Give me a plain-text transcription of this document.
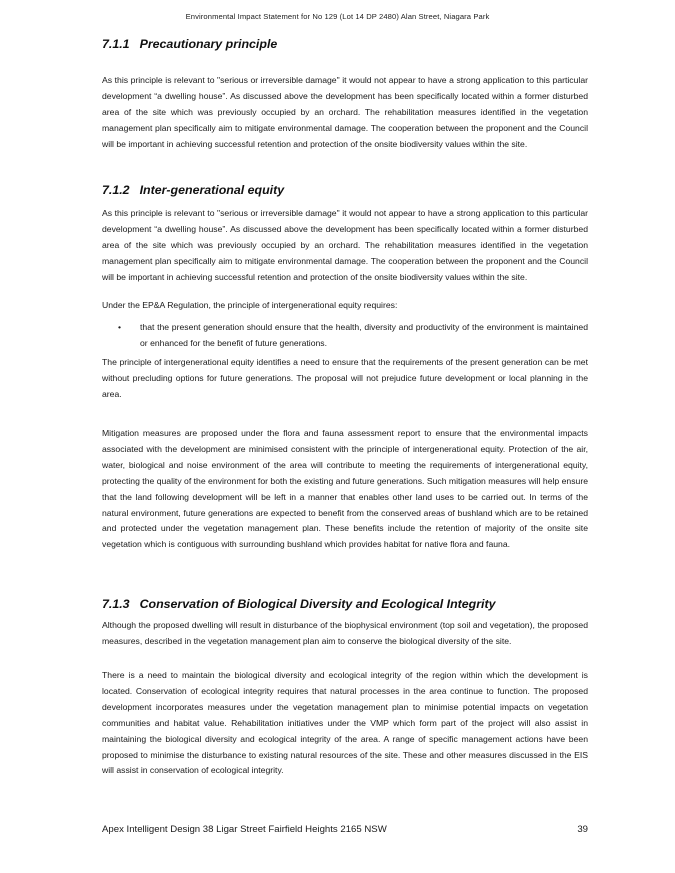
Environmental Impact Statement for No 129 (Lot 14 DP 2480) Alan Street, Niagara Park
7.1.1 Precautionary principle

As this principle is relevant to "serious or irreversible damage" it would not appear to have a strong application to this particular development “a dwelling house”. As discussed above the development has been specifically located within a former disturbed area of the site which was previously occupied by an orchard. The rehabilitation measures identified in the vegetation management plan specifically aim to mitigate environmental damage. The cooperation between the proponent and the Council will be important in achieving successful retention and protection of the onsite biodiversity values within the site.

7.1.2 Inter-generational equity

As this principle is relevant to "serious or irreversible damage" it would not appear to have a strong application to this particular development “a dwelling house”. As discussed above the development has been specifically located within a former disturbed area of the site which was previously occupied by an orchard. The rehabilitation measures identified in the vegetation management plan specifically aim to mitigate environmental damage. The cooperation between the proponent and the Council will be important in achieving successful retention and protection of the onsite biodiversity values within the site.

Under the EP&A Regulation, the principle of intergenerational equity requires:

• that the present generation should ensure that the health, diversity and productivity of the environment is maintained or enhanced for the benefit of future generations.

The principle of intergenerational equity identifies a need to ensure that the requirements of the present generation can be met without precluding options for future generations. The proposal will not prejudice future development or local planning in the area.

Mitigation measures are proposed under the flora and fauna assessment report to ensure that the environmental impacts associated with the development are minimised consistent with the principle of intergenerational equity. Protection of the air, water, biological and noise environment of the area will contribute to meeting the requirements of intergenerational equity, protecting the quality of the environment for both the existing and future generations. Such mitigation measures will help ensure that the land following development will be left in a manner that enables other land uses to be carried out. In terms of the natural environment, future generations are expected to benefit from the conserved areas of bushland which are to be retained and protected under the vegetation management plan. These benefits include the retention of majority of the onsite site vegetation which is contiguous with surrounding bushland which provides habitat for native flora and fauna.

7.1.3 Conservation of Biological Diversity and Ecological Integrity

Although the proposed dwelling will result in disturbance of the biophysical environment (top soil and vegetation), the proposed measures, described in the vegetation management plan aim to conserve the biological diversity of the site.

There is a need to maintain the biological diversity and ecological integrity of the region within which the development is located. Conservation of ecological integrity requires that natural processes in the area continue to function. The proposed development incorporates measures under the vegetation management plan to minimise potential impacts on vegetation communities and habitat value. Rehabilitation initiatives under the VMP which form part of the project will also assist in maintaining the biological diversity and ecological integrity of the area. A range of specific management actions have been proposed to minimise the disturbance to existing natural resources of the site. These and other measures discussed in the EIS will assist in conservation of ecological integrity.

Apex Intelligent Design 38 Ligar Street Fairfield Heights 2165 NSW	39
